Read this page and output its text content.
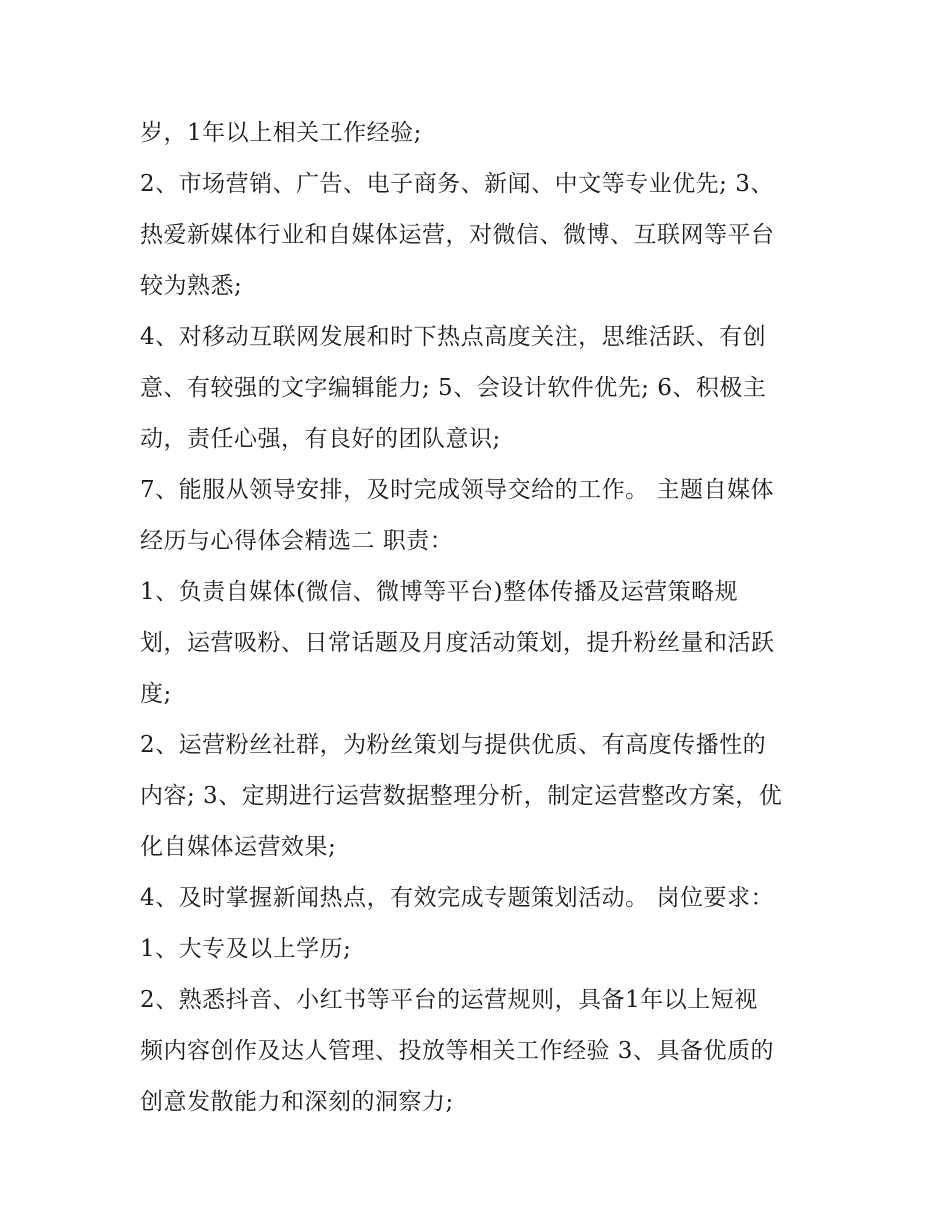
岁，1年以上相关工作经验;
2、市场营销、广告、电子商务、新闻、中文等专业优先; 3、
热爱新媒体行业和自媒体运营，对微信、微博、互联网等平台
较为熟悉;
4、对移动互联网发展和时下热点高度关注，思维活跃、有创
意、有较强的文字编辑能力; 5、会设计软件优先; 6、积极主
动，责任心强，有良好的团队意识;
7、能服从领导安排，及时完成领导交给的工作。 主题自媒体
经历与心得体会精选二 职责：
1、负责自媒体(微信、微博等平台)整体传播及运营策略规
划，运营吸粉、日常话题及月度活动策划，提升粉丝量和活跃
度;
2、运营粉丝社群，为粉丝策划与提供优质、有高度传播性的
内容; 3、定期进行运营数据整理分析，制定运营整改方案，优
化自媒体运营效果;
4、及时掌握新闻热点，有效完成专题策划活动。 岗位要求：
1、大专及以上学历;
2、熟悉抖音、小红书等平台的运营规则，具备1年以上短视
频内容创作及达人管理、投放等相关工作经验 3、具备优质的
创意发散能力和深刻的洞察力;
